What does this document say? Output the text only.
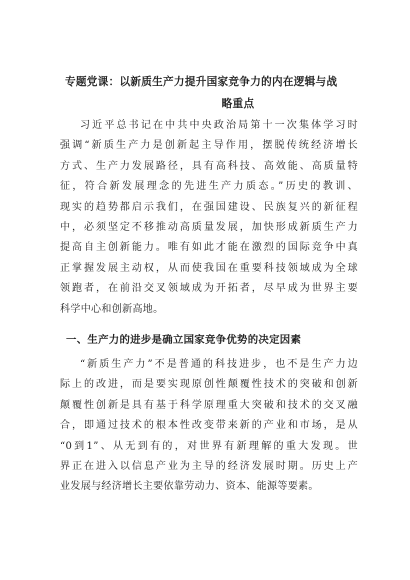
专题党课：以新质生产力提升国家竞争力的内在逻辑与战
略重点
习近平总书记在中共中央政治局第十一次集体学习时
强调“新质生产力是创新起主导作用，摆脱传统经济增长
方式、生产力发展路径，具有高科技、高效能、高质量特
征，符合新发展理念的先进生产力质态。”历史的教训、
现实的趋势都启示我们，在强国建设、民族复兴的新征程
中，必须坚定不移推动高质量发展，加快形成新质生产力
提高自主创新能力。唯有如此才能在激烈的国际竞争中真
正掌握发展主动权，从而使我国在重要科技领域成为全球
领跑者，在前沿交叉领域成为开拓者，尽早成为世界主要
科学中心和创新高地。
一、生产力的进步是确立国家竞争优势的决定因素
“新质生产力”不是普通的科技进步，也不是生产力边
际上的改进，而是要实现原创性颠覆性技术的突破和创新
颠覆性创新是具有基于科学原理重大突破和技术的交叉融
合，即通过技术的根本性改变带来新的产业和市场，是从
“0到1”、从无到有的，对世界有新理解的重大发现。世
界正在进入以信息产业为主导的经济发展时期。历史上产
业发展与经济增长主要依靠劳动力、资本、能源等要素。
